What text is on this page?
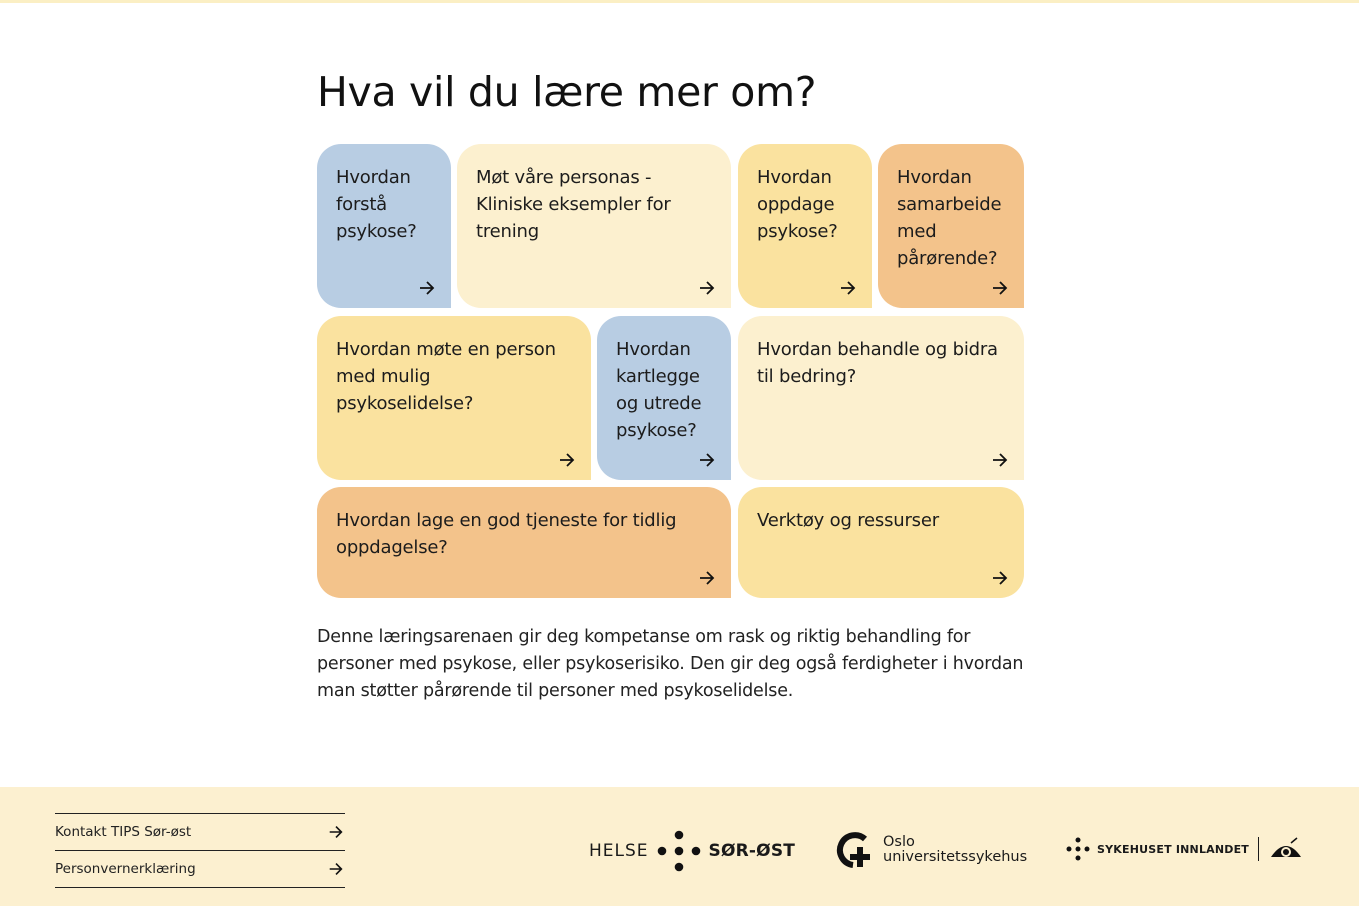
Hva vil du lære mer om?
Hvordan forstå psykose?
Møt våre personas - Kliniske eksempler for trening
Hvordan oppdage psykose?
Hvordan samarbeide med pårørende?
Hvordan møte en person med mulig psykoselidelse?
Hvordan kartlegge og utrede psykose?
Hvordan behandle og bidra til bedring?
Hvordan lage en god tjeneste for tidlig oppdagelse?
Verktøy og ressurser

Denne læringsarenaen gir deg kompetanse om rask og riktig behandling for personer med psykose, eller psykoserisiko. Den gir deg også ferdigheter i hvordan man støtter pårørende til personer med psykoselidelse.

Kontakt TIPS Sør-øst
Personvernerklæring
HELSE	SØR-ØST	Oslo
universitetssykehus	SYKEHUSET INNLANDET
